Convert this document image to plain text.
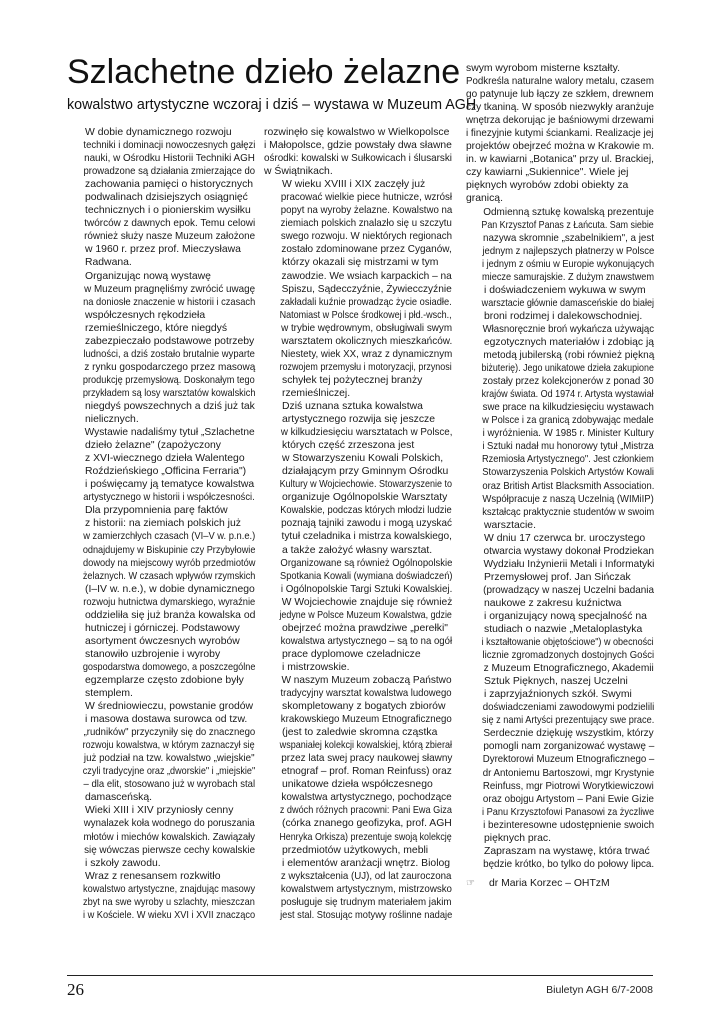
Szlachetne dzieło żelazne
kowalstwo artystyczne wczoraj i dziś – wystawa w Muzeum AGH

W dobie dynamicznego rozwoju
techniki i dominacji nowoczesnych gałęzi
nauki, w Ośrodku Historii Techniki AGH
prowadzone są działania zmierzające do
zachowania pamięci o historycznych
podwalinach dzisiejszych osiągnięć
technicznych i o pionierskim wysiłku
twórców z dawnych epok. Temu celowi
również służy nasze Muzeum założone
w 1960 r. przez prof. Mieczysława
Radwana.

Organizując nową wystawę
w Muzeum pragnęliśmy zwrócić uwagę
na doniosłe znaczenie w historii i czasach
współczesnych rękodzieła
rzemieślniczego, które niegdyś
zabezpieczało podstawowe potrzeby
ludności, a dziś zostało brutalnie wyparte
z rynku gospodarczego przez masową
produkcję przemysłową. Doskonałym tego
przykładem są losy warsztatów kowalskich
niegdyś powszechnych a dziś już tak
nielicznych.

Wystawie nadaliśmy tytuł „Szlachetne
dzieło żelazne" (zapożyczony
z XVI-wiecznego dzieła Walentego
Roździeńskiego „Officina Ferraria")
i poświęcamy ją tematyce kowalstwa
artystycznego w historii i współczesności.

Dla przypomnienia parę faktów
z historii: na ziemiach polskich już
w zamierzchłych czasach (VI–V w. p.n.e.)
odnajdujemy w Biskupinie czy Przybyłowie
dowody na miejscowy wyrób przedmiotów
żelaznych. W czasach wpływów rzymskich
(I–IV w. n.e.), w dobie dynamicznego
rozwoju hutnictwa dymarskiego, wyraźnie
oddzieliła się już branża kowalska od
hutniczej i górniczej. Podstawowy
asortyment ówczesnych wyrobów
stanowiło uzbrojenie i wyroby
gospodarstwa domowego, a poszczególne
egzemplarze często zdobione były
stemplem.

W średniowieczu, powstanie grodów
i masowa dostawa surowca od tzw.
„rudników" przyczyniły się do znacznego
rozwoju kowalstwa, w którym zaznaczył się
już podział na tzw. kowalstwo „wiejskie"
czyli tradycyjne oraz „dworskie" i „miejskie"
– dla elit, stosowano już w wyrobach stal
damasceńską.

Wieki XIII i XIV przyniosły cenny
wynalazek koła wodnego do poruszania
młotów i miechów kowalskich. Zawiązały
się wówczas pierwsze cechy kowalskie
i szkoły zawodu.

Wraz z renesansem rozkwitło
kowalstwo artystyczne, znajdując masowy
zbyt na swe wyroby u szlachty, mieszczan
i w Kościele. W wieku XVI i XVII znacząco

rozwinęło się kowalstwo w Wielkopolsce
i Małopolsce, gdzie powstały dwa sławne
ośrodki: kowalski w Sułkowicach i ślusarski
w Świątnikach.

W wieku XVIII i XIX zaczęły już
pracować wielkie piece hutnicze, wzrósł
popyt na wyroby żelazne. Kowalstwo na
ziemiach polskich znalazło się u szczytu
swego rozwoju. W niektórych regionach
zostało zdominowane przez Cyganów,
którzy okazali się mistrzami w tym
zawodzie. We wsiach karpackich – na
Spiszu, Sądecczyźnie, Żywiecczyźnie
zakładali kuźnie prowadząc życie osiadłe.
Natomiast w Polsce środkowej i płd.-wsch.,
w trybie wędrownym, obsługiwali swym
warsztatem okolicznych mieszkańców.
Niestety, wiek XX, wraz z dynamicznym
rozwojem przemysłu i motoryzacji, przynosi
schyłek tej pożytecznej branży
rzemieślniczej.

Dziś uznana sztuka kowalstwa
artystycznego rozwija się jeszcze
w kilkudziesięciu warsztatach w Polsce,
których część zrzeszona jest
w Stowarzyszeniu Kowali Polskich,
działającym przy Gminnym Ośrodku
Kultury w Wojciechowie. Stowarzyszenie to
organizuje Ogólnopolskie Warsztaty
Kowalskie, podczas których młodzi ludzie
poznają tajniki zawodu i mogą uzyskać
tytuł czeladnika i mistrza kowalskiego,
a także założyć własny warsztat.
Organizowane są również Ogólnopolskie
Spotkania Kowali (wymiana doświadczeń)
i Ogólnopolskie Targi Sztuki Kowalskiej.
W Wojciechowie znajduje się również
jedyne w Polsce Muzeum Kowalstwa, gdzie
obejrzeć można prawdziwe „perełki"
kowalstwa artystycznego – są to na ogół
prace dyplomowe czeladnicze
i mistrzowskie.

W naszym Muzeum zobaczą Państwo
tradycyjny warsztat kowalstwa ludowego
skompletowany z bogatych zbiorów
krakowskiego Muzeum Etnograficznego
(jest to zaledwie skromna cząstka
wspaniałej kolekcji kowalskiej, którą zbierał
przez lata swej pracy naukowej sławny
etnograf – prof. Roman Reinfuss) oraz
unikatowe dzieła współczesnego
kowalstwa artystycznego, pochodzące
z dwóch różnych pracowni: Pani Ewa Giza
(córka znanego geofizyka, prof. AGH
Henryka Orkisza) prezentuje swoją kolekcję
przedmiotów użytkowych, mebli
i elementów aranżacji wnętrz. Biolog
z wykształcenia (UJ), od lat zauroczona
kowalstwem artystycznym, mistrzowsko
posługuje się trudnym materiałem jakim
jest stal. Stosując motywy roślinne nadaje

swym wyrobom misterne kształty.
Podkreśla naturalne walory metalu, czasem
go patynuje lub łączy ze szkłem, drewnem
czy tkaniną. W sposób niezwykły aranżuje
wnętrza dekorując je baśniowymi drzewami
i finezyjnie kutymi ściankami. Realizacje jej
projektów obejrzeć można w Krakowie m.
in. w kawiarni „Botanica" przy ul. Brackiej,
czy kawiarni „Sukiennice". Wiele jej
pięknych wyrobów zdobi obiekty za
granicą.

Odmienną sztukę kowalską prezentuje
Pan Krzysztof Panas z Łańcuta. Sam siebie
nazywa skromnie „szabelnikiem", a jest
jednym z najlepszych płatnerzy w Polsce
i jednym z ośmiu w Europie wykonujących
miecze samurajskie. Z dużym znawstwem
i doświadczeniem wykuwa w swym
warsztacie głównie damasceńskie do białej
broni rodzimej i dalekowschodniej.
Własnoręcznie broń wykańcza używając
egzotycznych materiałów i zdobiąc ją
metodą jubilerską (robi również piękną
biżuterię). Jego unikatowe dzieła zakupione
zostały przez kolekcjonerów z ponad 30
krajów świata. Od 1974 r. Artysta wystawiał
swe prace na kilkudziesięciu wystawach
w Polsce i za granicą zdobywając medale
i wyróżnienia. W 1985 r. Minister Kultury
i Sztuki nadał mu honorowy tytuł „Mistrza
Rzemiosła Artystycznego". Jest członkiem
Stowarzyszenia Polskich Artystów Kowali
oraz British Artist Blacksmith Association.
Współpracuje z naszą Uczelnią (WIMiIP)
kształcąc praktycznie studentów w swoim
warsztacie.

W dniu 17 czerwca br. uroczystego
otwarcia wystawy dokonał Prodziekan
Wydziału Inżynierii Metali i Informatyki
Przemysłowej prof. Jan Sińczak
(prowadzący w naszej Uczelni badania
naukowe z zakresu kuźnictwa
i organizujący nową specjalność na
studiach o nazwie „Metaloplastyka
i kształtowanie objętościowe") w obecności
licznie zgromadzonych dostojnych Gości
z Muzeum Etnograficznego, Akademii
Sztuk Pięknych, naszej Uczelni
i zaprzyjaźnionych szkół. Swymi
doświadczeniami zawodowymi podzielili
się z nami Artyści prezentujący swe prace.

Serdecznie dziękuję wszystkim, którzy
pomogli nam zorganizować wystawę –
Dyrektorowi Muzeum Etnograficznego –
dr Antoniemu Bartoszowi, mgr Krystynie
Reinfuss, mgr Piotrowi Worytkiewiczowi
oraz obojgu Artystom – Pani Ewie Gizie
i Panu Krzysztofowi Panasowi za życzliwe
i bezinteresowne udostępnienie swoich
pięknych prac.

Zapraszam na wystawę, która trwać
będzie krótko, bo tylko do połowy lipca.

☞ dr Maria Korzec – OHTzM
26	Biuletyn AGH 6/7-2008
